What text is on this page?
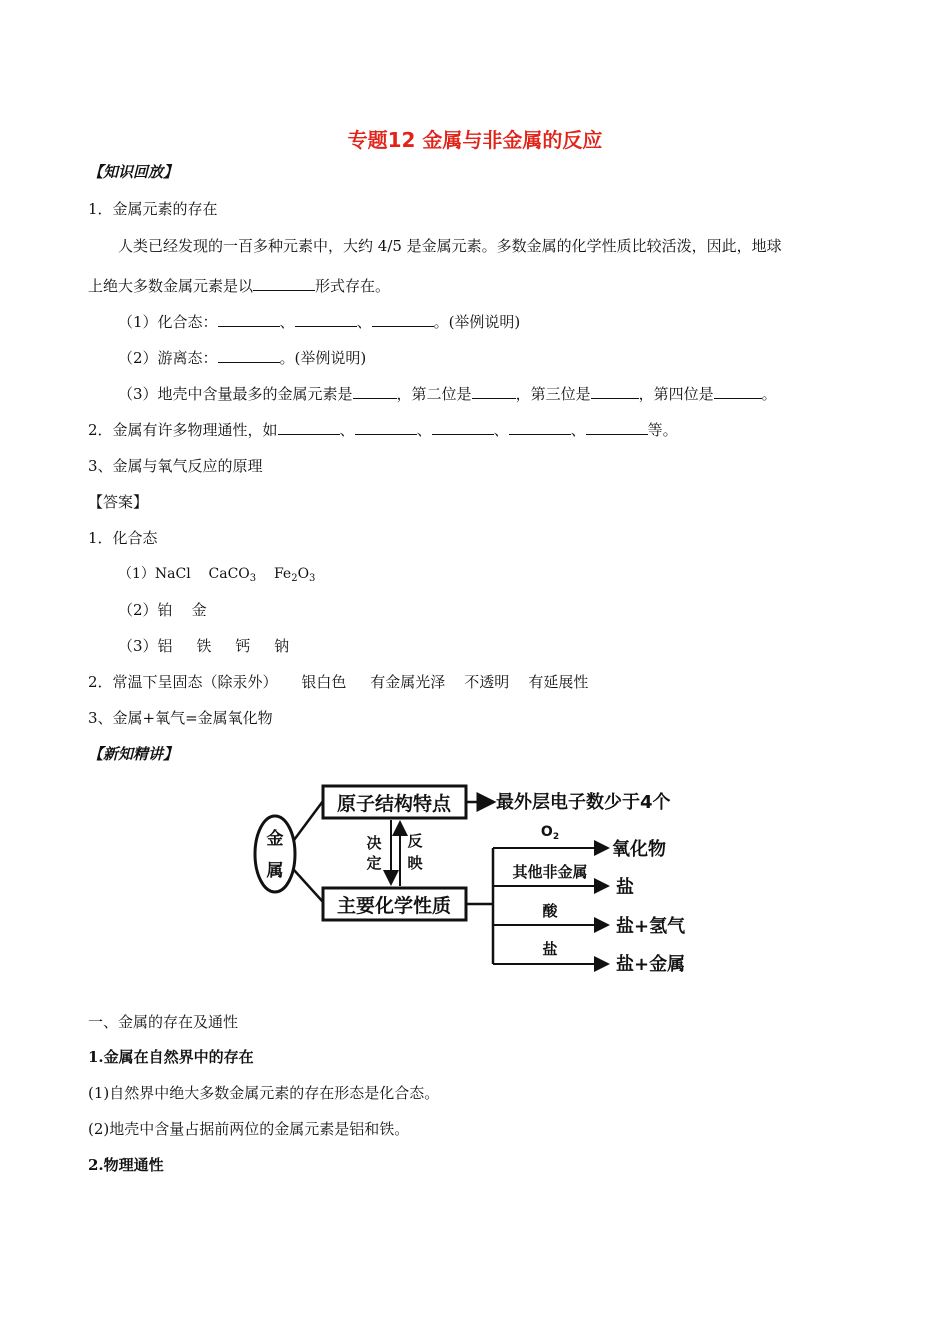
专题12 金属与非金属的反应
【知识回放】
1．金属元素的存在
人类已经发现的一百多种元素中，大约 4/5 是金属元素。多数金属的化学性质比较活泼，因此，地球
上绝大多数金属元素是以	形式存在。
（1）化合态：	、	、	。(举例说明)
（2）游离态：	。(举例说明)
（3）地壳中含量最多的金属元素是	，第二位是	，第三位是	，第四位是	。
2．金属有许多物理通性，如	、	、	、	、	等。
3、金属与氧气反应的原理
【答案】
1．化合态
（1）NaCl CaCO$_3$ $Fe_2O_3$
（2）铂    金
（3）铝     铁     钙     钠
2．常温下呈固态（除汞外）     银白色     有金属光泽    不透明    有延展性
3、金属+氧气=金属氧化物
【新知精讲】
金
属
原子结构特点
主要化学性质
决
定
反
映
最外层电子数少于4个
$O_2$
氧化物
其他非金属
盐
酸
盐+氢气
盐
盐+金属
一、金属的存在及通性
1.金属在自然界中的存在
(1)自然界中绝大多数金属元素的存在形态是化合态。
(2)地壳中含量占据前两位的金属元素是铝和铁。
2.物理通性
